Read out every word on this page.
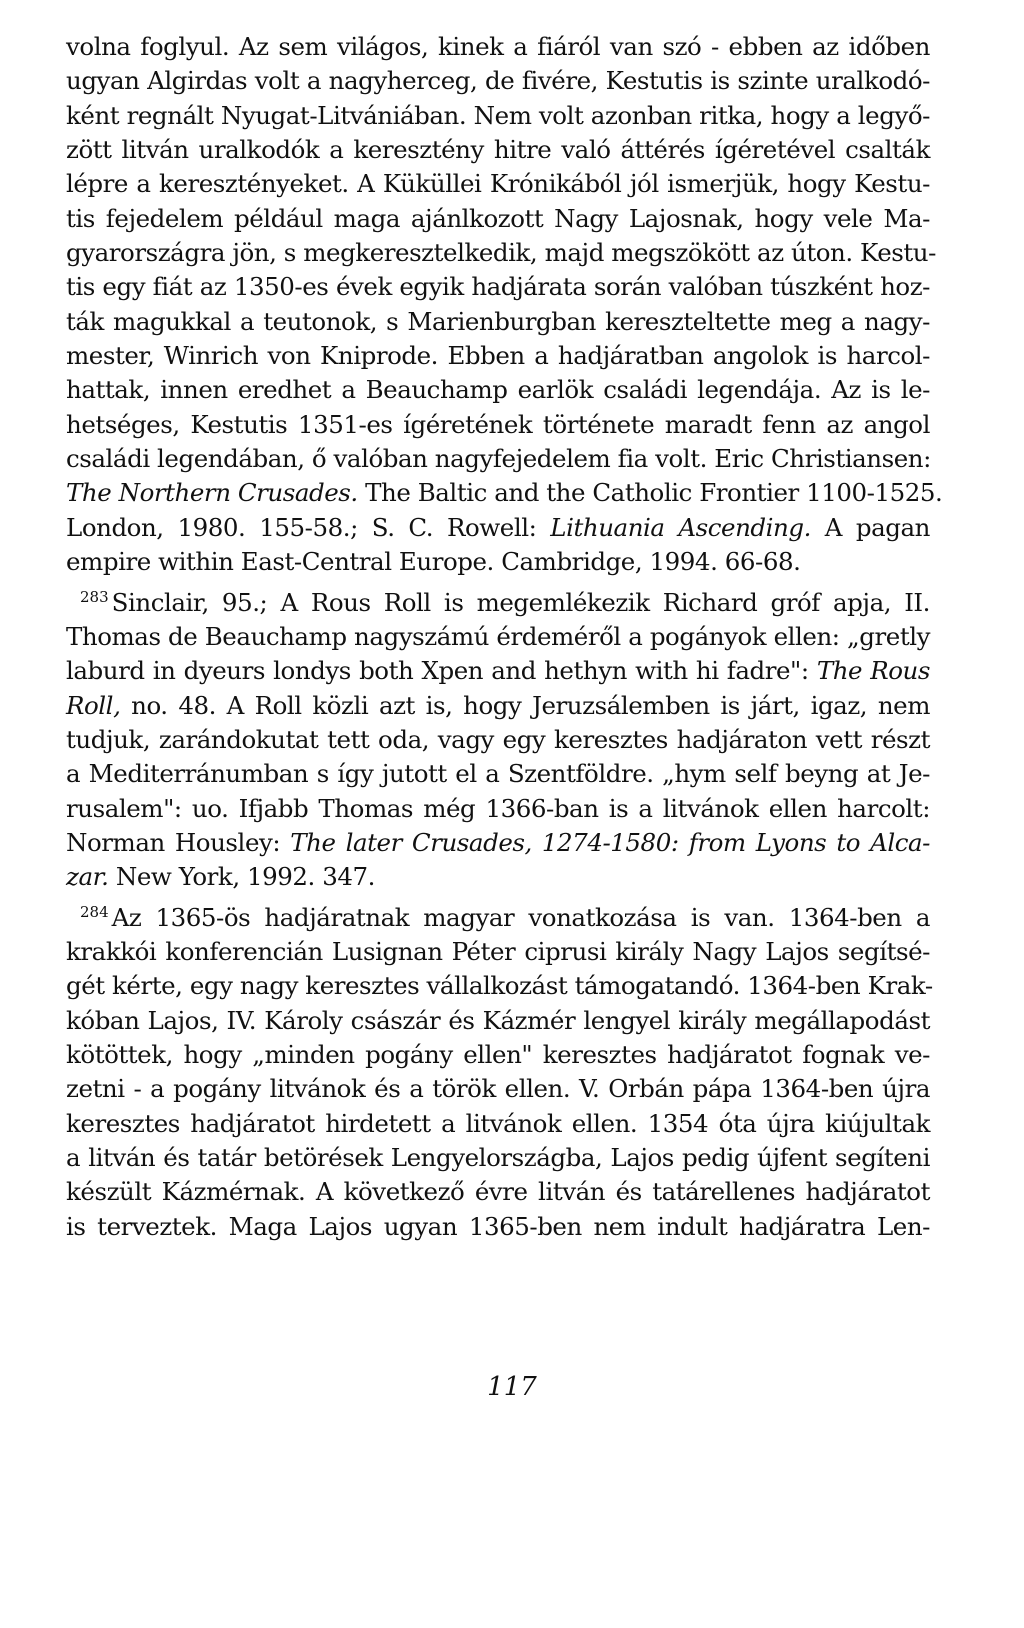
volna foglyul. Az sem világos, kinek a fiáról van szó - ebben az időben
ugyan Algirdas volt a nagyherceg, de fivére, Kestutis is szinte uralkodó-
ként regnált Nyugat-Litvániában. Nem volt azonban ritka, hogy a legyő-
zött litván uralkodók a keresztény hitre való áttérés ígéretével csalták
lépre a keresztényeket. A Küküllei Krónikából jól ismerjük, hogy Kestu-
tis fejedelem például maga ajánlkozott Nagy Lajosnak, hogy vele Ma-
gyarországra jön, s megkeresztelkedik, majd megszökött az úton. Kestu-
tis egy fiát az 1350-es évek egyik hadjárata során valóban túszként hoz-
ták magukkal a teutonok, s Marienburgban kereszteltette meg a nagy-
mester, Winrich von Kniprode. Ebben a hadjáratban angolok is harcol-
hattak, innen eredhet a Beauchamp earlök családi legendája. Az is le-
hetséges, Kestutis 1351-es ígéretének története maradt fenn az angol
családi legendában, ő valóban nagyfejedelem fia volt. Eric Christiansen:
The Northern Crusades. The Baltic and the Catholic Frontier 1100-1525.
London, 1980. 155-58.; S. C. Rowell: Lithuania Ascending. A pagan
empire within East-Central Europe. Cambridge, 1994. 66-68.
$^{283}$ Sinclair, 95.; A Rous Roll is megemlékezik Richard gróf apja, II.
Thomas de Beauchamp nagyszámú érdeméről a pogányok ellen: „gretly
laburd in dyeurs londys both Xpen and hethyn with hi fadre": The Rous
Roll, no. 48. A Roll közli azt is, hogy Jeruzsálemben is járt, igaz, nem
tudjuk, zarándokutat tett oda, vagy egy keresztes hadjáraton vett részt
a Mediterránumban s így jutott el a Szentföldre. „hym self beyng at Je-
rusalem": uo. Ifjabb Thomas még 1366-ban is a litvánok ellen harcolt:
Norman Housley: The later Crusades, 1274-1580: from Lyons to Alca-
zar. New York, 1992. 347.
$^{284}$ Az 1365-ös hadjáratnak magyar vonatkozása is van. 1364-ben a
krakkói konferencián Lusignan Péter ciprusi király Nagy Lajos segítsé-
gét kérte, egy nagy keresztes vállalkozást támogatandó. 1364-ben Krak-
kóban Lajos, IV. Károly császár és Kázmér lengyel király megállapodást
kötöttek, hogy „minden pogány ellen" keresztes hadjáratot fognak ve-
zetni - a pogány litvánok és a török ellen. V. Orbán pápa 1364-ben újra
keresztes hadjáratot hirdetett a litvánok ellen. 1354 óta újra kiújultak
a litván és tatár betörések Lengyelországba, Lajos pedig újfent segíteni
készült Kázmérnak. A következő évre litván és tatárellenes hadjáratot
is terveztek. Maga Lajos ugyan 1365-ben nem indult hadjáratra Len-
117
